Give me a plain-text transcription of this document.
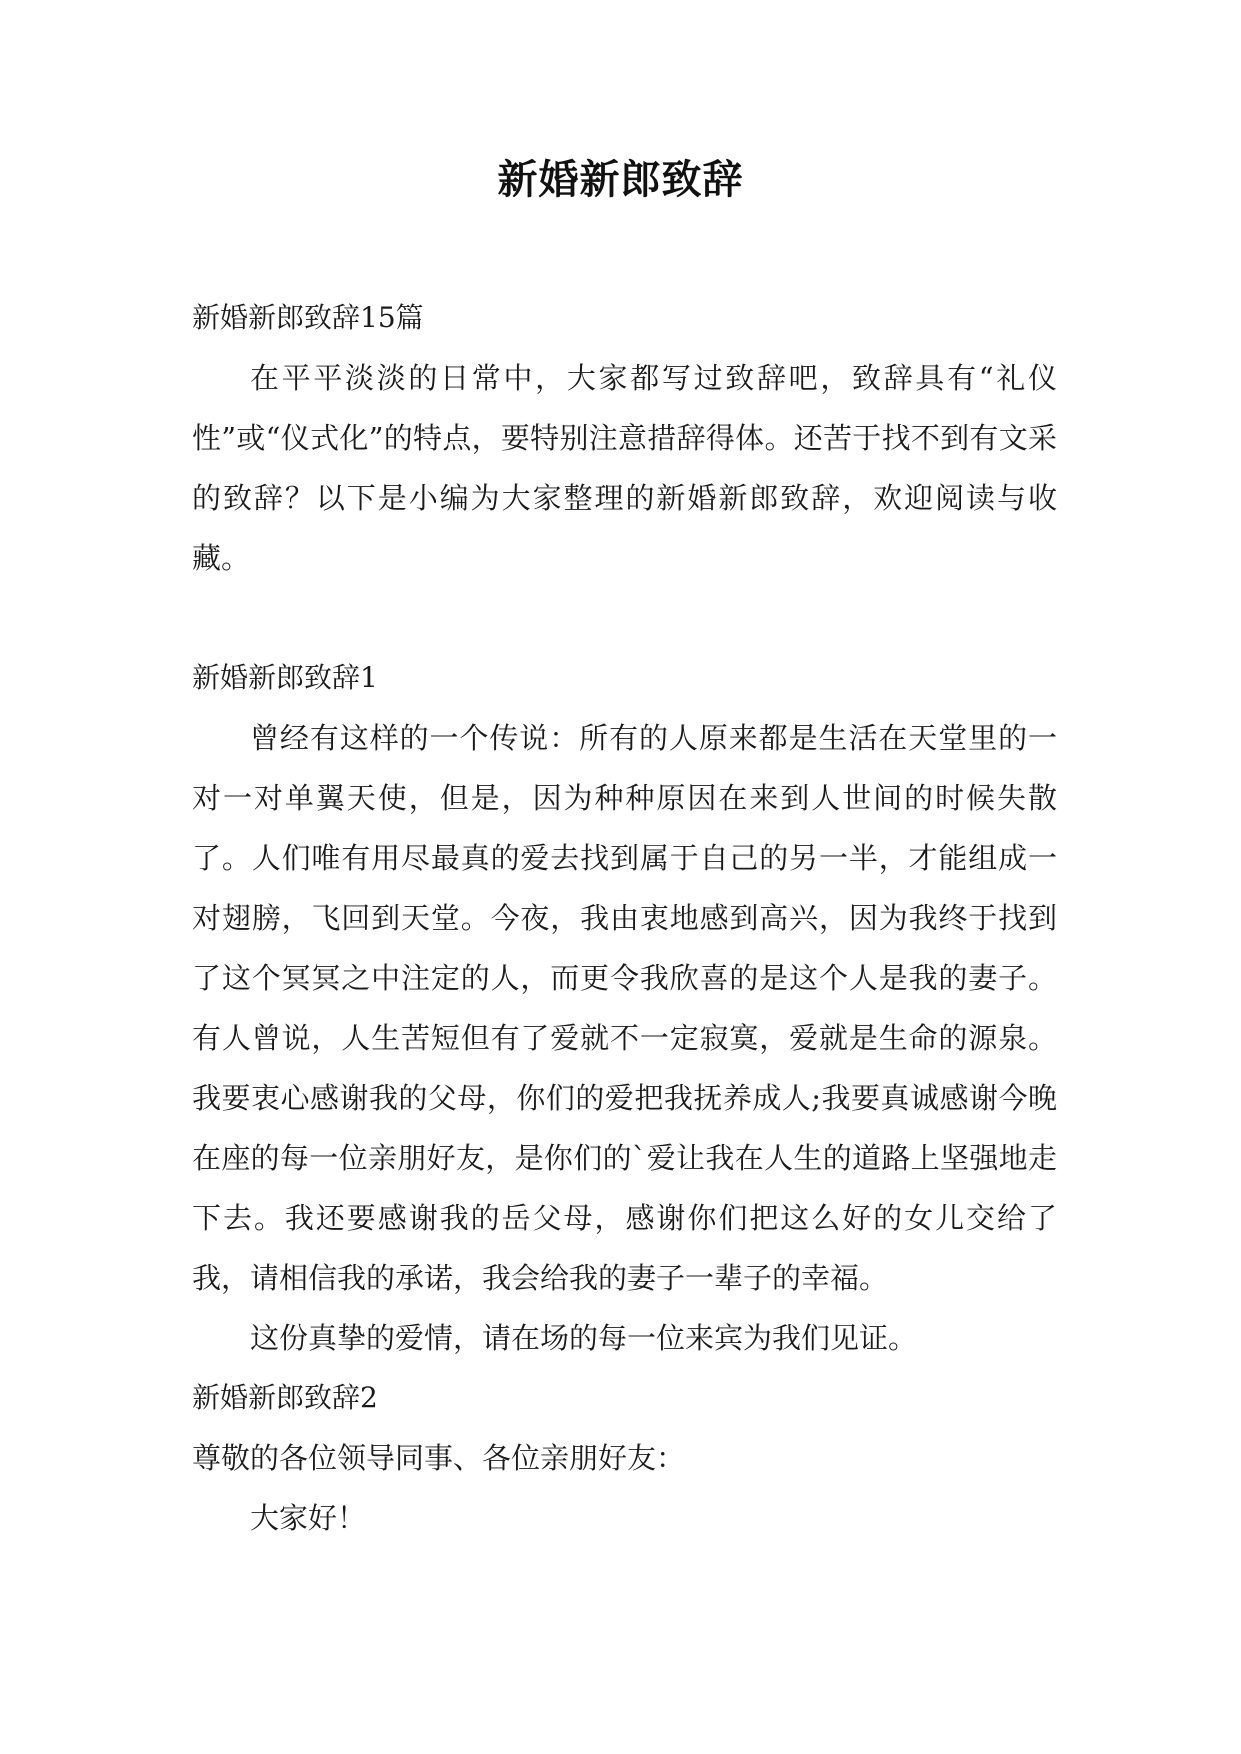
新婚新郎致辞

新婚新郎致辞15篇

在平平淡淡的日常中，大家都写过致辞吧，致辞具有“礼仪性”或“仪式化”的特点，要特别注意措辞得体。还苦于找不到有文采的致辞？以下是小编为大家整理的新婚新郎致辞，欢迎阅读与收藏。

新婚新郎致辞1

曾经有这样的一个传说：所有的人原来都是生活在天堂里的一对一对单翼天使，但是，因为种种原因在来到人世间的时候失散了。人们唯有用尽最真的爱去找到属于自己的另一半，才能组成一对翅膀，飞回到天堂。今夜，我由衷地感到高兴，因为我终于找到了这个冥冥之中注定的人，而更令我欣喜的是这个人是我的妻子。有人曾说，人生苦短但有了爱就不一定寂寞，爱就是生命的源泉。我要衷心感谢我的父母，你们的爱把我抚养成人;我要真诚感谢今晚在座的每一位亲朋好友，是你们的`爱让我在人生的道路上坚强地走下去。我还要感谢我的岳父母，感谢你们把这么好的女儿交给了我，请相信我的承诺，我会给我的妻子一辈子的幸福。

这份真挚的爱情，请在场的每一位来宾为我们见证。

新婚新郎致辞2

尊敬的各位领导同事、各位亲朋好友：

大家好！
